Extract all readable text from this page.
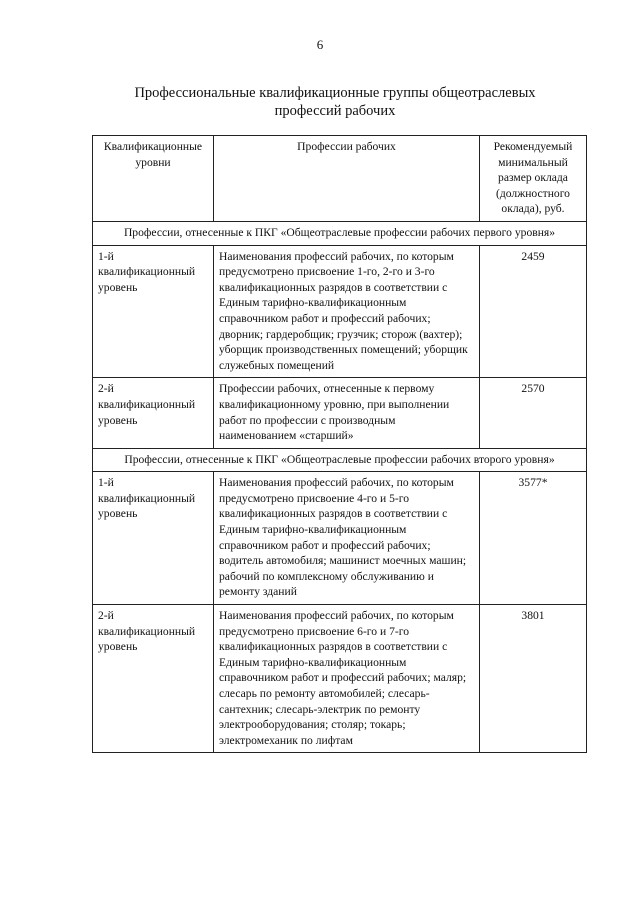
6
Профессиональные квалификационные группы общеотраслевых
профессий рабочих
Квалификационные уровни	Профессии рабочих	Рекомендуемый минимальный размер оклада (должностного оклада), руб.
Профессии, отнесенные к ПКГ «Общеотраслевые профессии рабочих первого уровня»		
1-й квалификационный уровень	Наименования профессий рабочих, по которым предусмотрено присвоение 1-го, 2-го и 3-го квалификационных разрядов в соответствии с Единым тарифно-квалификационным справочником работ и профессий рабочих; дворник; гардеробщик; грузчик; сторож (вахтер); уборщик производственных помещений; уборщик служебных помещений	2459
2-й квалификационный уровень	Профессии рабочих, отнесенные к первому квалификационному уровню, при выполнении работ по профессии с производным наименованием «старший»	2570
Профессии, отнесенные к ПКГ «Общеотраслевые профессии рабочих второго уровня»		
1-й квалификационный уровень	Наименования профессий рабочих, по которым предусмотрено присвоение 4-го и 5-го квалификационных разрядов в соответствии с Единым тарифно-квалификационным справочником работ и профессий рабочих; водитель автомобиля; машинист моечных машин; рабочий по комплексному обслуживанию и ремонту зданий	3577*
2-й квалификационный уровень	Наименования профессий рабочих, по которым предусмотрено присвоение 6-го и 7-го квалификационных разрядов в соответствии с Единым тарифно-квалификационным справочником работ и профессий рабочих; маляр; слесарь по ремонту автомобилей; слесарь-сантехник; слесарь-электрик по ремонту электрооборудования; столяр; токарь; электромеханик по лифтам	3801
